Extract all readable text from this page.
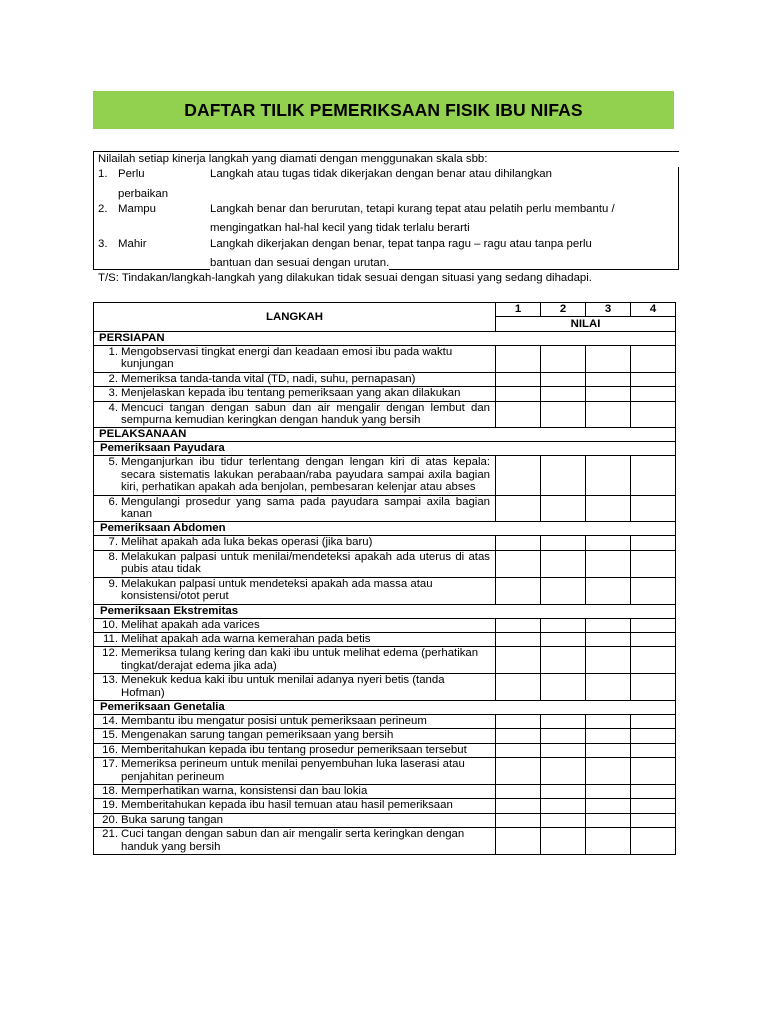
DAFTAR TILIK PEMERIKSAAN FISIK IBU NIFAS
Nilailah setiap kinerja langkah yang diamati dengan menggunakan skala sbb:
1. Perlu	Langkah atau tugas tidak dikerjakan dengan benar atau dihilangkan
perbaikan
2. Mampu	Langkah benar dan berurutan, tetapi kurang tepat atau pelatih perlu membantu /
mengingatkan hal-hal kecil yang tidak terlalu berarti
3. Mahir	Langkah dikerjakan dengan benar, tepat tanpa ragu – ragu atau tanpa perlu
bantuan dan sesuai dengan urutan.
T/S: Tindakan/langkah-langkah yang dilakukan tidak sesuai dengan situasi yang sedang dihadapi.
LANGKAH	1	2	3	4
	NILAI			
PERSIAPAN				

1. Mengobservasi tingkat energi dan keadaan emosi ibu pada waktu kunjungan				

2. Memeriksa tanda-tanda vital (TD, nadi, suhu, pernapasan)				

3. Menjelaskan kepada ibu tentang pemeriksaan yang akan dilakukan				

4. Mencuci tangan dengan sabun dan air mengalir dengan lembut dan sempurna kemudian keringkan dengan handuk yang bersih				

PELAKSANAAN				
Pemeriksaan Payudara				

5. Menganjurkan ibu tidur terlentang dengan lengan kiri di atas kepala: secara sistematis lakukan perabaan/raba payudara sampai axila bagian kiri, perhatikan apakah ada benjolan, pembesaran kelenjar atau abses				

6. Mengulangi prosedur yang sama pada payudara sampai axila bagian kanan				

Pemeriksaan Abdomen				

7. Melihat apakah ada luka bekas operasi (jika baru)				

8. Melakukan palpasi untuk menilai/mendeteksi apakah ada uterus di atas pubis atau tidak				

9. Melakukan palpasi untuk mendeteksi apakah ada massa atau konsistensi/otot perut				

Pemeriksaan Ekstremitas				

10. Melihat apakah ada varices				

11. Melihat apakah ada warna kemerahan pada betis				

12. Memeriksa tulang kering dan kaki ibu untuk melihat edema (perhatikan tingkat/derajat edema jika ada)				

13. Menekuk kedua kaki ibu untuk menilai adanya nyeri betis (tanda Hofman)				

Pemeriksaan Genetalia				

14. Membantu ibu mengatur posisi untuk pemeriksaan perineum				

15. Mengenakan sarung tangan pemeriksaan yang bersih				

16. Memberitahukan kepada ibu tentang prosedur pemeriksaan tersebut				

17. Memeriksa perineum untuk menilai penyembuhan luka laserasi atau penjahitan perineum				

18. Memperhatikan warna, konsistensi dan bau lokia				

19. Memberitahukan kepada ibu hasil temuan atau hasil pemeriksaan				

20. Buka sarung tangan				

21. Cuci tangan dengan sabun dan air mengalir serta keringkan dengan handuk yang bersih				
